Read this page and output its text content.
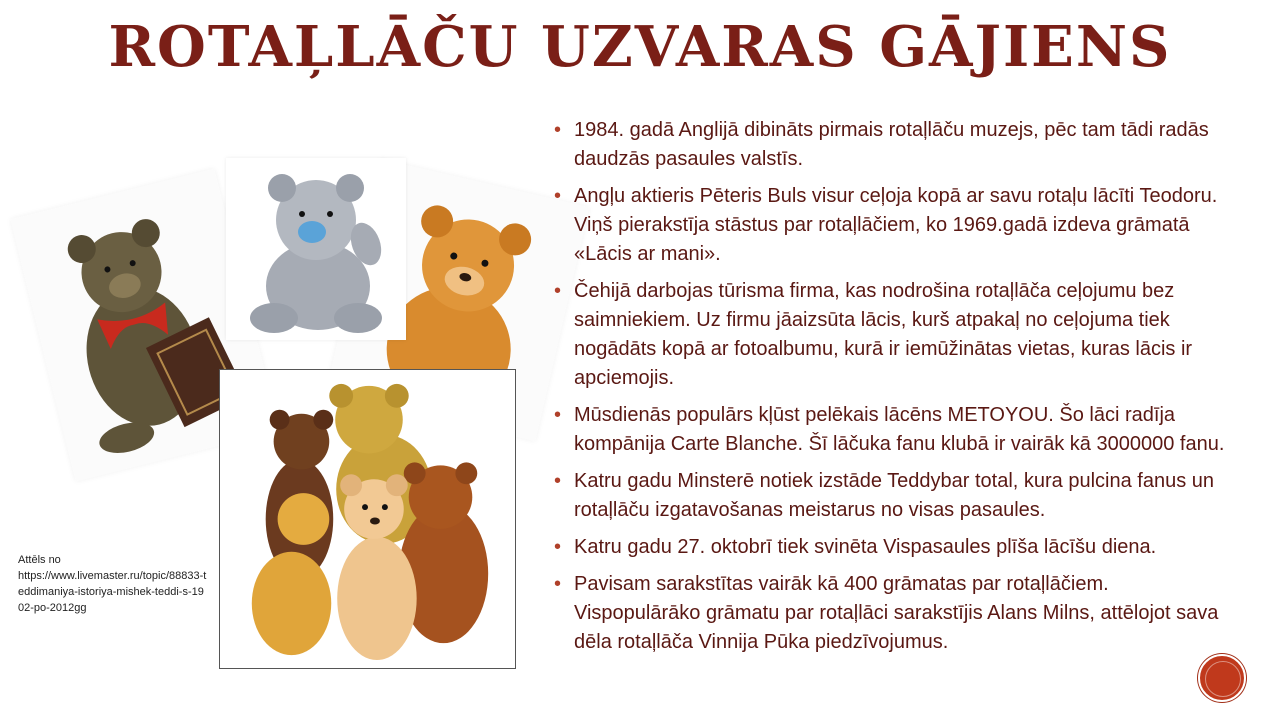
ROTAĻLĀČU UZVARAS GĀJIENS
• 1984. gadā Anglijā dibināts pirmais rotaļlāču muzejs, pēc tam tādi radās daudzās pasaules valstīs.
• Angļu aktieris Pēteris Buls visur ceļoja kopā ar savu rotaļu lācīti Teodoru. Viņš pierakstīja stāstus par rotaļlāčiem, ko 1969.gadā izdeva grāmatā «Lācis ar mani».
• Čehijā darbojas tūrisma firma, kas nodrošina rotaļlāča ceļojumu bez saimniekiem. Uz firmu jāaizsūta lācis, kurš atpakaļ no ceļojuma tiek nogādāts kopā ar fotoalbumu, kurā ir iemūžinātas vietas, kuras lācis ir apciemojis.
• Mūsdienās populārs kļūst pelēkais lācēns METOYOU. Šo lāci radīja kompānija Carte Blanche. Šī lāčuka fanu klubā ir vairāk kā 3000000 fanu.
• Katru gadu Minsterē notiek izstāde Teddybar total, kura pulcina fanus un rotaļlāču izgatavošanas meistarus no visas pasaules.
• Katru gadu 27. oktobrī tiek svinēta Vispasaules plīša lācīšu diena.
• Pavisam sarakstītas vairāk kā 400 grāmatas par rotaļlāčiem. Vispopulārāko grāmatu par rotaļlāci sarakstījis Alans Milns, attēlojot sava dēla rotaļlāča Vinnija Pūka piedzīvojumus.
Attēls no
https://www.livemaster.ru/topic/88833-teddimaniya-istoriya-mishek-teddi-s-1902-po-2012gg
